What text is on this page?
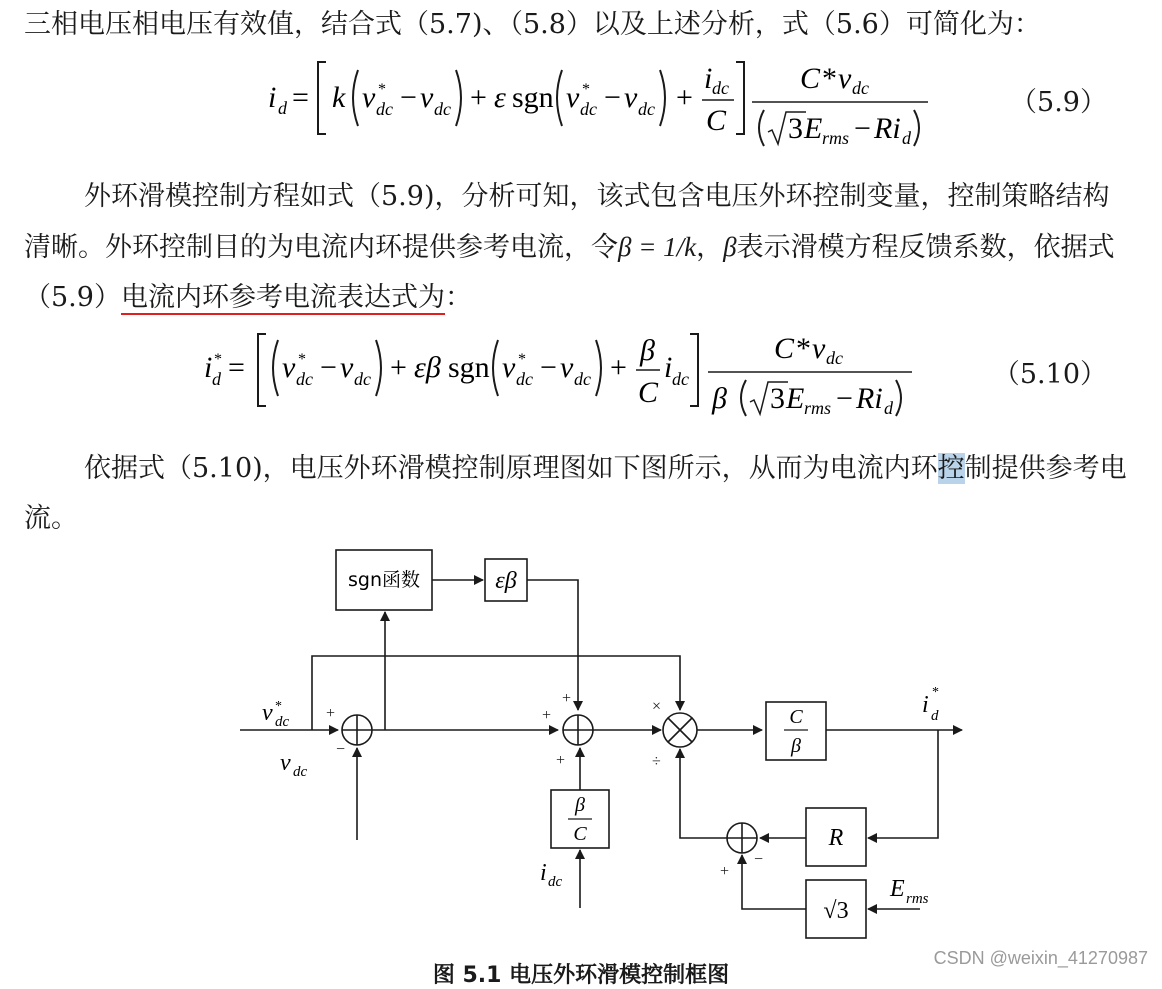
三相电压相电压有效值，结合式（5.7)、（5.8）以及上述分析，式（5.6）可简化为：

i d = k v *
dc − v dc + ε sgn v *
dc − v dc +
i dc
C
C * v dc
3 E rms − Ri d
（5.9）

外环滑模控制方程如式（5.9)，分析可知，该式包含电压外环控制变量，控制策略结构清晰。外环控制目的为电流内环提供参考电流，令β = 1/k，β表示滑模方程反馈系数，依据式（5.9）电流内环参考电流表达式为：

i *
d = v *
dc − v dc + εβ sgn v *
dc − v dc +
β
C
i dc
C * v dc
β 3 E rms − Ri d
（5.10）

依据式（5.10)，电压外环滑模控制原理图如下图所示，从而为电流内环控制提供参考电流。

sgn函数	εβ
C
β
β
C	R
√3
v *
dc
v dc
i dc
i *
d
E rms
+
−
+
+
+
×
÷
+
−
图 5.1 电压外环滑模控制框图
CSDN @weixin_41270987
